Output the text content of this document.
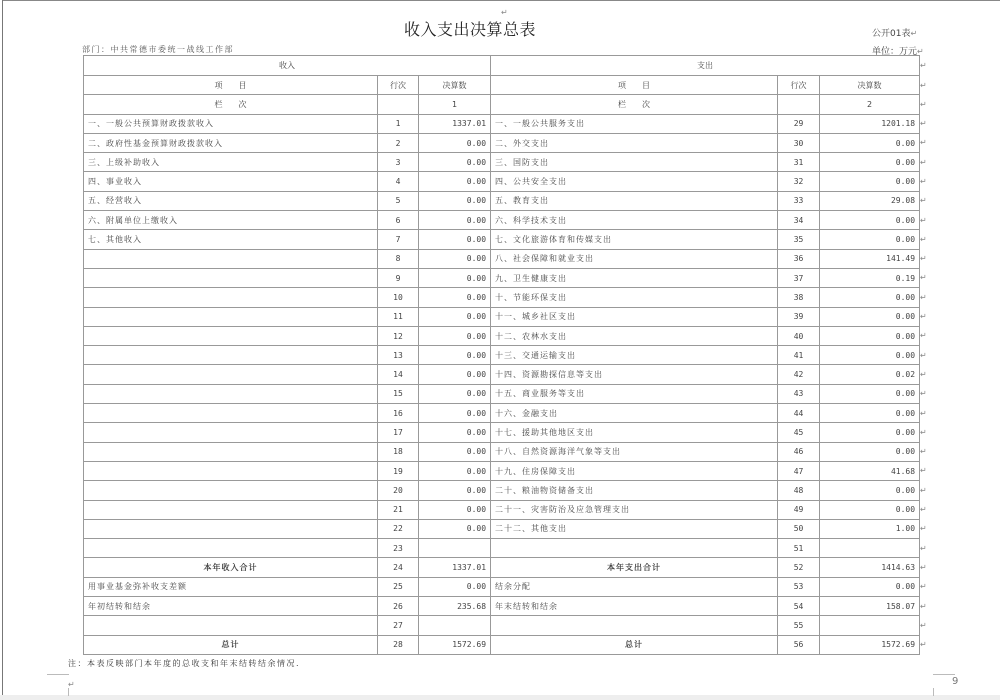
↵
收入支出决算总表	公开01表↵
部门：中共常德市委统一战线工作部	单位：万元↵
收入			支出		
项　　目	行次	决算数	项　　目	行次	决算数
栏　　次		1	栏　　次		2
一、一般公共预算财政拨款收入	1	1337.01	一、一般公共服务支出	29	1201.18
二、政府性基金预算财政拨款收入	2	0.00	二、外交支出	30	0.00
三、上级补助收入	3	0.00	三、国防支出	31	0.00
四、事业收入	4	0.00	四、公共安全支出	32	0.00
五、经营收入	5	0.00	五、教育支出	33	29.08
六、附属单位上缴收入	6	0.00	六、科学技术支出	34	0.00
七、其他收入	7	0.00	七、文化旅游体育和传媒支出	35	0.00
	8	0.00	八、社会保障和就业支出	36	141.49
	9	0.00	九、卫生健康支出	37	0.19
	10	0.00	十、节能环保支出	38	0.00
	11	0.00	十一、城乡社区支出	39	0.00
	12	0.00	十二、农林水支出	40	0.00
	13	0.00	十三、交通运输支出	41	0.00
	14	0.00	十四、资源勘探信息等支出	42	0.02
	15	0.00	十五、商业服务等支出	43	0.00
	16	0.00	十六、金融支出	44	0.00
	17	0.00	十七、援助其他地区支出	45	0.00
	18	0.00	十八、自然资源海洋气象等支出	46	0.00
	19	0.00	十九、住房保障支出	47	41.68
	20	0.00	二十、粮油物资储备支出	48	0.00
	21	0.00	二十一、灾害防治及应急管理支出	49	0.00
	22	0.00	二十二、其他支出	50	1.00
	23			51	
本年收入合计	24	1337.01	本年支出合计	52	1414.63
用事业基金弥补收支差额	25	0.00	结余分配	53	0.00
年初结转和结余	26	235.68	年末结转和结余	54	158.07
	27			55	
总计	28	1572.69	总计	56	1572.69
注：本表反映部门本年度的总收支和年末结转结余情况.
↵	9
↵
↵
↵
↵
↵
↵
↵
↵
↵
↵
↵
↵
↵
↵
↵
↵
↵
↵
↵
↵
↵
↵
↵
↵
↵
↵
↵
↵
↵
↵
↵
